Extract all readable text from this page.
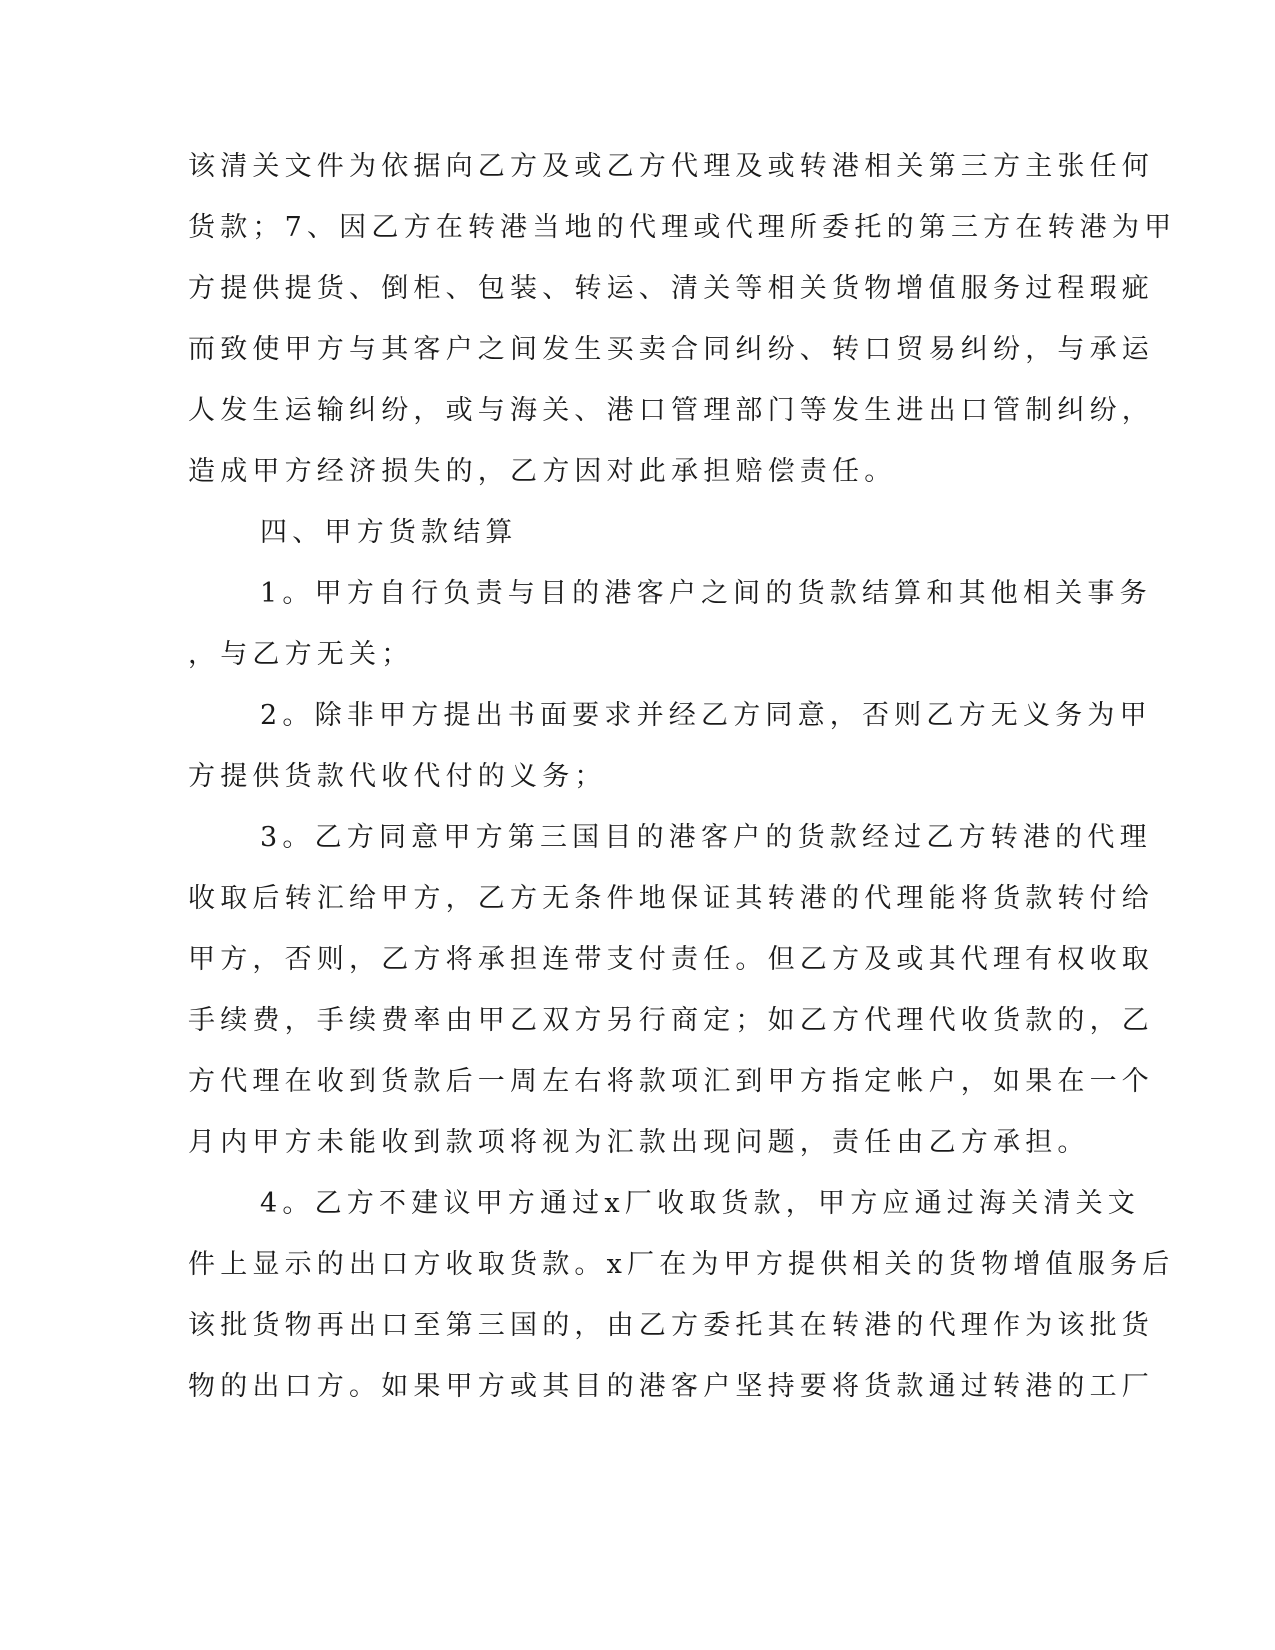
该清关文件为依据向乙方及或乙方代理及或转港相关第三方主张任何
货款；7、因乙方在转港当地的代理或代理所委托的第三方在转港为甲
方提供提货、倒柜、包装、转运、清关等相关货物增值服务过程瑕疵
而致使甲方与其客户之间发生买卖合同纠纷、转口贸易纠纷，与承运
人发生运输纠纷，或与海关、港口管理部门等发生进出口管制纠纷，
造成甲方经济损失的，乙方因对此承担赔偿责任。
四、甲方货款结算
1。甲方自行负责与目的港客户之间的货款结算和其他相关事务
，与乙方无关；
2。除非甲方提出书面要求并经乙方同意，否则乙方无义务为甲
方提供货款代收代付的义务；
3。乙方同意甲方第三国目的港客户的货款经过乙方转港的代理
收取后转汇给甲方，乙方无条件地保证其转港的代理能将货款转付给
甲方，否则，乙方将承担连带支付责任。但乙方及或其代理有权收取
手续费，手续费率由甲乙双方另行商定；如乙方代理代收货款的，乙
方代理在收到货款后一周左右将款项汇到甲方指定帐户，如果在一个
月内甲方未能收到款项将视为汇款出现问题，责任由乙方承担。
4。乙方不建议甲方通过x厂收取货款，甲方应通过海关清关文
件上显示的出口方收取货款。x厂在为甲方提供相关的货物增值服务后
该批货物再出口至第三国的，由乙方委托其在转港的代理作为该批货
物的出口方。如果甲方或其目的港客户坚持要将货款通过转港的工厂
